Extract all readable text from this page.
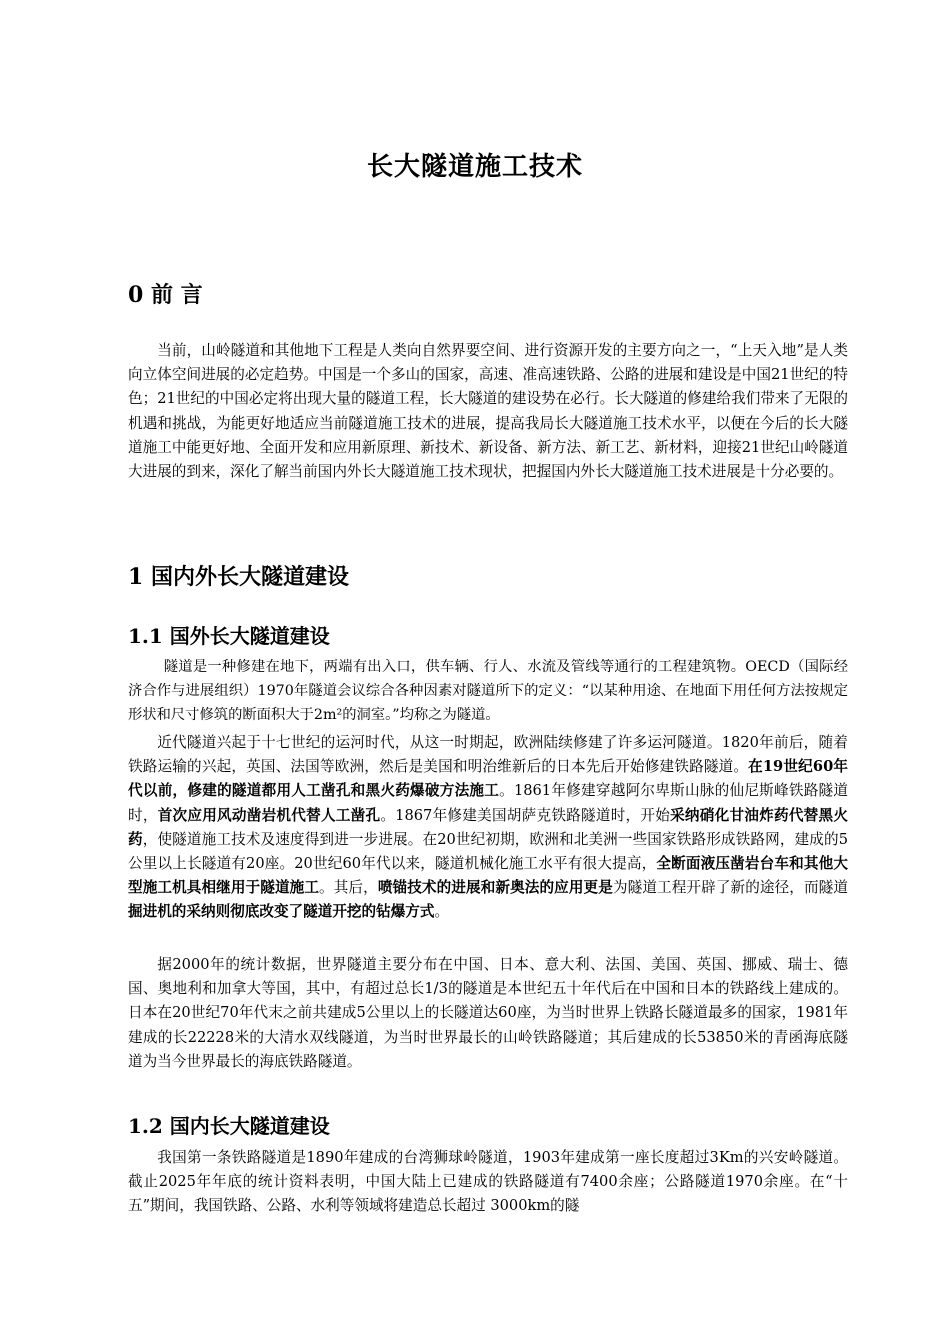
长大隧道施工技术
0 前 言
当前，山岭隧道和其他地下工程是人类向自然界要空间、进行资源开发的主要方向之一，“上天入地”是人类向立体空间进展的必定趋势。中国是一个多山的国家，高速、准高速铁路、公路的进展和建设是中国21世纪的特色；21世纪的中国必定将出现大量的隧道工程，长大隧道的建设势在必行。长大隧道的修建给我们带来了无限的机遇和挑战，为能更好地适应当前隧道施工技术的进展，提高我局长大隧道施工技术水平，以便在今后的长大隧道施工中能更好地、全面开发和应用新原理、新技术、新设备、新方法、新工艺、新材料，迎接21世纪山岭隧道大进展的到来，深化了解当前国内外长大隧道施工技术现状，把握国内外长大隧道施工技术进展是十分必要的。
1 国内外长大隧道建设
1.1 国外长大隧道建设
隧道是一种修建在地下，两端有出入口，供车辆、行人、水流及管线等通行的工程建筑物。OECD（国际经济合作与进展组织）1970年隧道会议综合各种因素对隧道所下的定义：“以某种用途、在地面下用任何方法按规定形状和尺寸修筑的断面积大于2m²的洞室。”均称之为隧道。
近代隧道兴起于十七世纪的运河时代，从这一时期起，欧洲陆续修建了许多运河隧道。1820年前后，随着铁路运输的兴起，英国、法国等欧洲，然后是美国和明治维新后的日本先后开始修建铁路隧道。在19世纪60年代以前，修建的隧道都用人工凿孔和黑火药爆破方法施工。1861年修建穿越阿尔卑斯山脉的仙尼斯峰铁路隧道时，首次应用风动凿岩机代替人工凿孔。1867年修建美国胡萨克铁路隧道时，开始采纳硝化甘油炸药代替黑火药，使隧道施工技术及速度得到进一步进展。在20世纪初期，欧洲和北美洲一些国家铁路形成铁路网，建成的5公里以上长隧道有20座。20世纪60年代以来，隧道机械化施工水平有很大提高，全断面液压凿岩台车和其他大型施工机具相继用于隧道施工。其后，喷锚技术的进展和新奥法的应用更是为隧道工程开辟了新的途径，而隧道掘进机的采纳则彻底改变了隧道开挖的钻爆方式。
据2000年的统计数据，世界隧道主要分布在中国、日本、意大利、法国、美国、英国、挪威、瑞士、德国、奥地利和加拿大等国，其中，有超过总长1/3的隧道是本世纪五十年代后在中国和日本的铁路线上建成的。日本在20世纪70年代末之前共建成5公里以上的长隧道达60座，为当时世界上铁路长隧道最多的国家，1981年建成的长22228米的大清水双线隧道，为当时世界最长的山岭铁路隧道；其后建成的长53850米的青函海底隧道为当今世界最长的海底铁路隧道。
1.2 国内长大隧道建设
我国第一条铁路隧道是1890年建成的台湾狮球岭隧道，1903年建成第一座长度超过3Km的兴安岭隧道。截止2025年年底的统计资料表明，中国大陆上已建成的铁路隧道有7400余座；公路隧道1970余座。在“十五”期间，我国铁路、公路、水利等领域将建造总长超过 3000km的隧
